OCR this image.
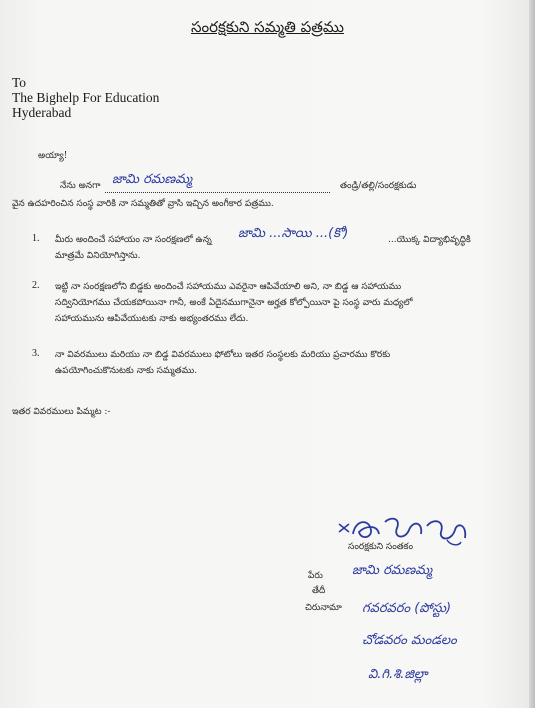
సంరక్షకుని సమ్మతి పత్రము
To
The Bighelp For Education
Hyderabad
అయ్యా!
నేను అనగా జామి రమణమ్మ	తండ్రి/తల్లి/సంరక్షకుడు
వైన ఉదహరించిన సంస్థ వారికి నా సమ్మతితో వ్రాసి ఇచ్చిన అంగీకార పత్రము.
1. మీరు అందించే సహాయం నా సంరక్షణలో ఉన్న జామి ...సాయి ...(కో)	...యొక్క విద్యాభివృద్ధికి
మాత్రమే వినియోగిస్తాను.
2. ఇట్టి నా సంరక్షణలోని బిడ్డకు అందించే సహాయము ఎవరైనా ఆపివేయాలి అని, నా బిడ్డ ఆ సహాయము
సద్వినియోగము చేయకపోయినా గానీ, అంకే ఏదైనముగానైనా అర్హత కోల్పోయినా పై సంస్థ వారు మధ్యలో
సహాయమును ఆపివేయుటకు నాకు అభ్యంతరము లేదు.
3. నా వివరములు మరియు నా బిడ్డ వివరములు ఫోటోలు ఇతర సంస్థలకు మరియు ప్రచారము కొరకు
ఉపయోగించుకొనుటకు నాకు సమ్మతము.
ఇతర వివరములు పిమ్మట :-
సంరక్షకుని సంతకం
పేరు జామి రమణమ్మ
తేదీ
చిరునామా గవరవరం (పోస్టు)
చోడవరం మండలం
వి.గి.శి.జిల్లా
